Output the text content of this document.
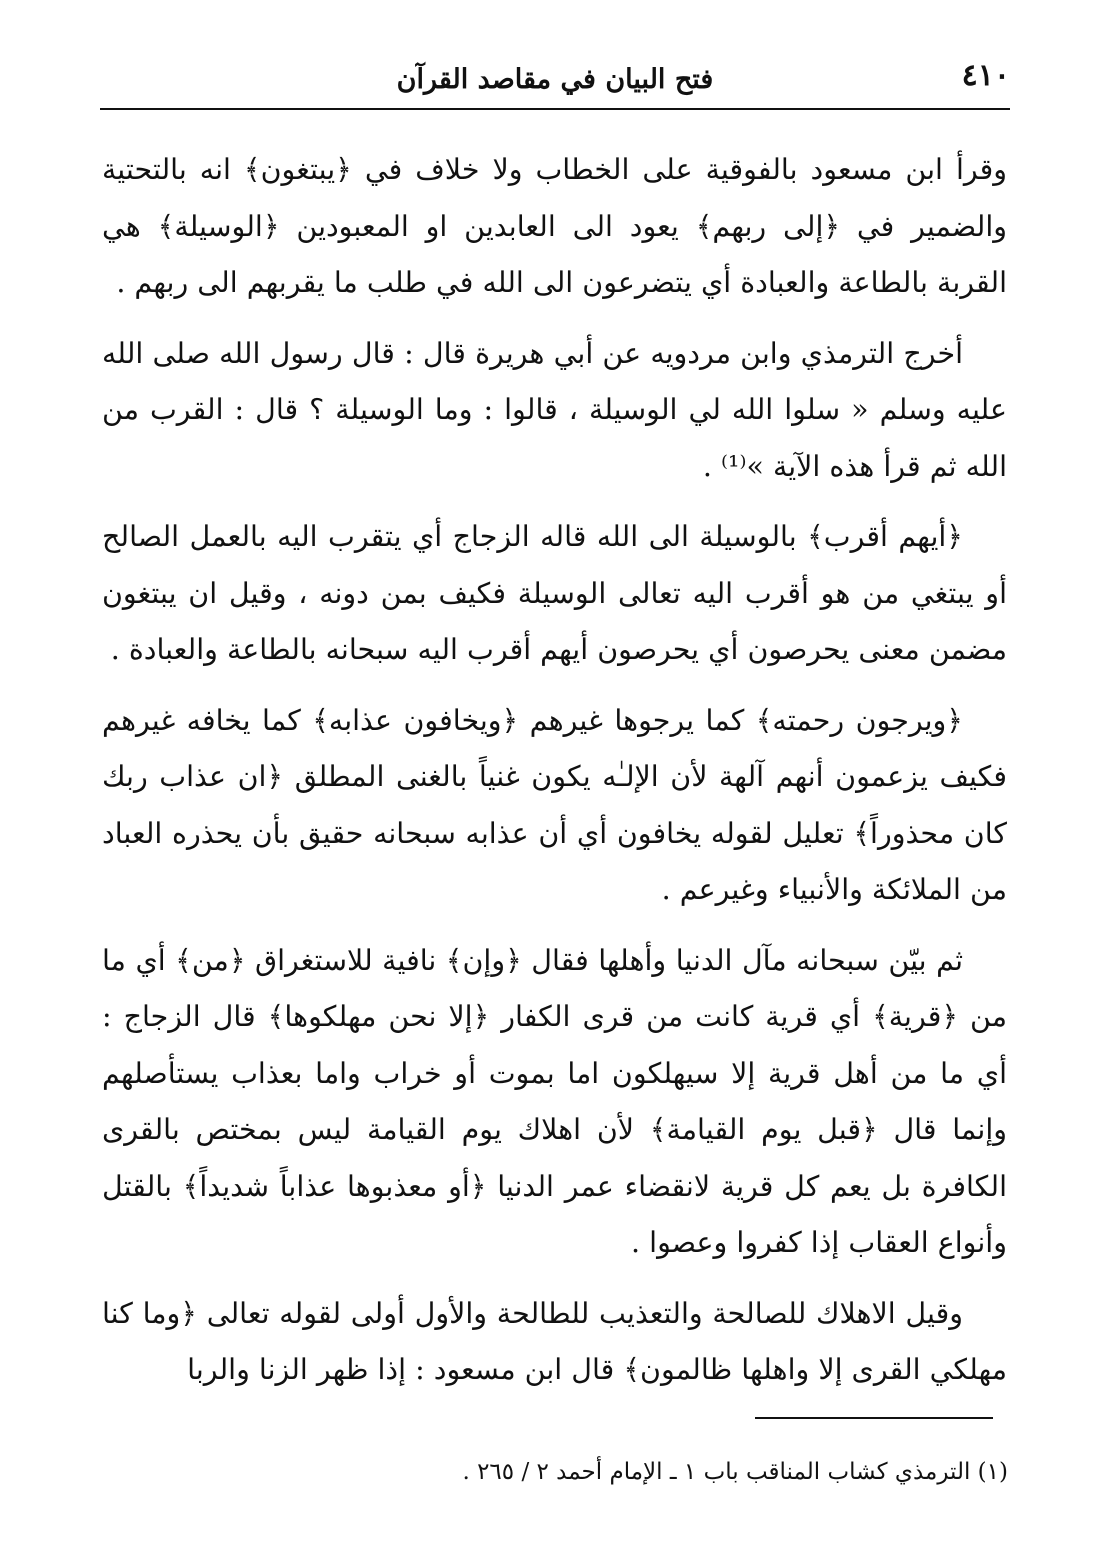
٤١٠
فتح البيان في مقاصد القرآن

وقرأ ابن مسعود بالفوقية على الخطاب ولا خلاف في ﴿يبتغون﴾ انه بالتحتية والضمير في ﴿إلى ربهم﴾ يعود الى العابدين او المعبودين ﴿الوسيلة﴾ هي القربة بالطاعة والعبادة أي يتضرعون الى الله في طلب ما يقربهم الى ربهم .

أخرج الترمذي وابن مردويه عن أبي هريرة قال : قال رسول الله صلى الله عليه وسلم « سلوا الله لي الوسيلة ، قالوا : وما الوسيلة ؟ قال : القرب من الله ثم قرأ هذه الآية »⁽¹⁾ .

﴿أيهم أقرب﴾ بالوسيلة الى الله قاله الزجاج أي يتقرب اليه بالعمل الصالح أو يبتغي من هو أقرب اليه تعالى الوسيلة فكيف بمن دونه ، وقيل ان يبتغون مضمن معنى يحرصون أي يحرصون أيهم أقرب اليه سبحانه بالطاعة والعبادة .

﴿ويرجون رحمته﴾ كما يرجوها غيرهم ﴿ويخافون عذابه﴾ كما يخافه غيرهم فكيف يزعمون أنهم آلهة لأن الإلـٰه يكون غنياً بالغنى المطلق ﴿ان عذاب ربك كان محذوراً﴾ تعليل لقوله يخافون أي أن عذابه سبحانه حقيق بأن يحذره العباد من الملائكة والأنبياء وغيرعم .

ثم بيّن سبحانه مآل الدنيا وأهلها فقال ﴿وإن﴾ نافية للاستغراق ﴿من﴾ أي ما من ﴿قرية﴾ أي قرية كانت من قرى الكفار ﴿إلا نحن مهلكوها﴾ قال الزجاج : أي ما من أهل قرية إلا سيهلكون اما بموت أو خراب واما بعذاب يستأصلهم وإنما قال ﴿قبل يوم القيامة﴾ لأن اهلاك يوم القيامة ليس بمختص بالقرى الكافرة بل يعم كل قرية لانقضاء عمر الدنيا ﴿أو معذبوها عذاباً شديداً﴾ بالقتل وأنواع العقاب إذا كفروا وعصوا .

وقيل الاهلاك للصالحة والتعذيب للطالحة والأول أولى لقوله تعالى ﴿وما كنا مهلكي القرى إلا واهلها ظالمون﴾ قال ابن مسعود : إذا ظهر الزنا والربا

(١) الترمذي كشاب المناقب باب ١ ـ الإمام أحمد ٢ / ٢٦٥ .
